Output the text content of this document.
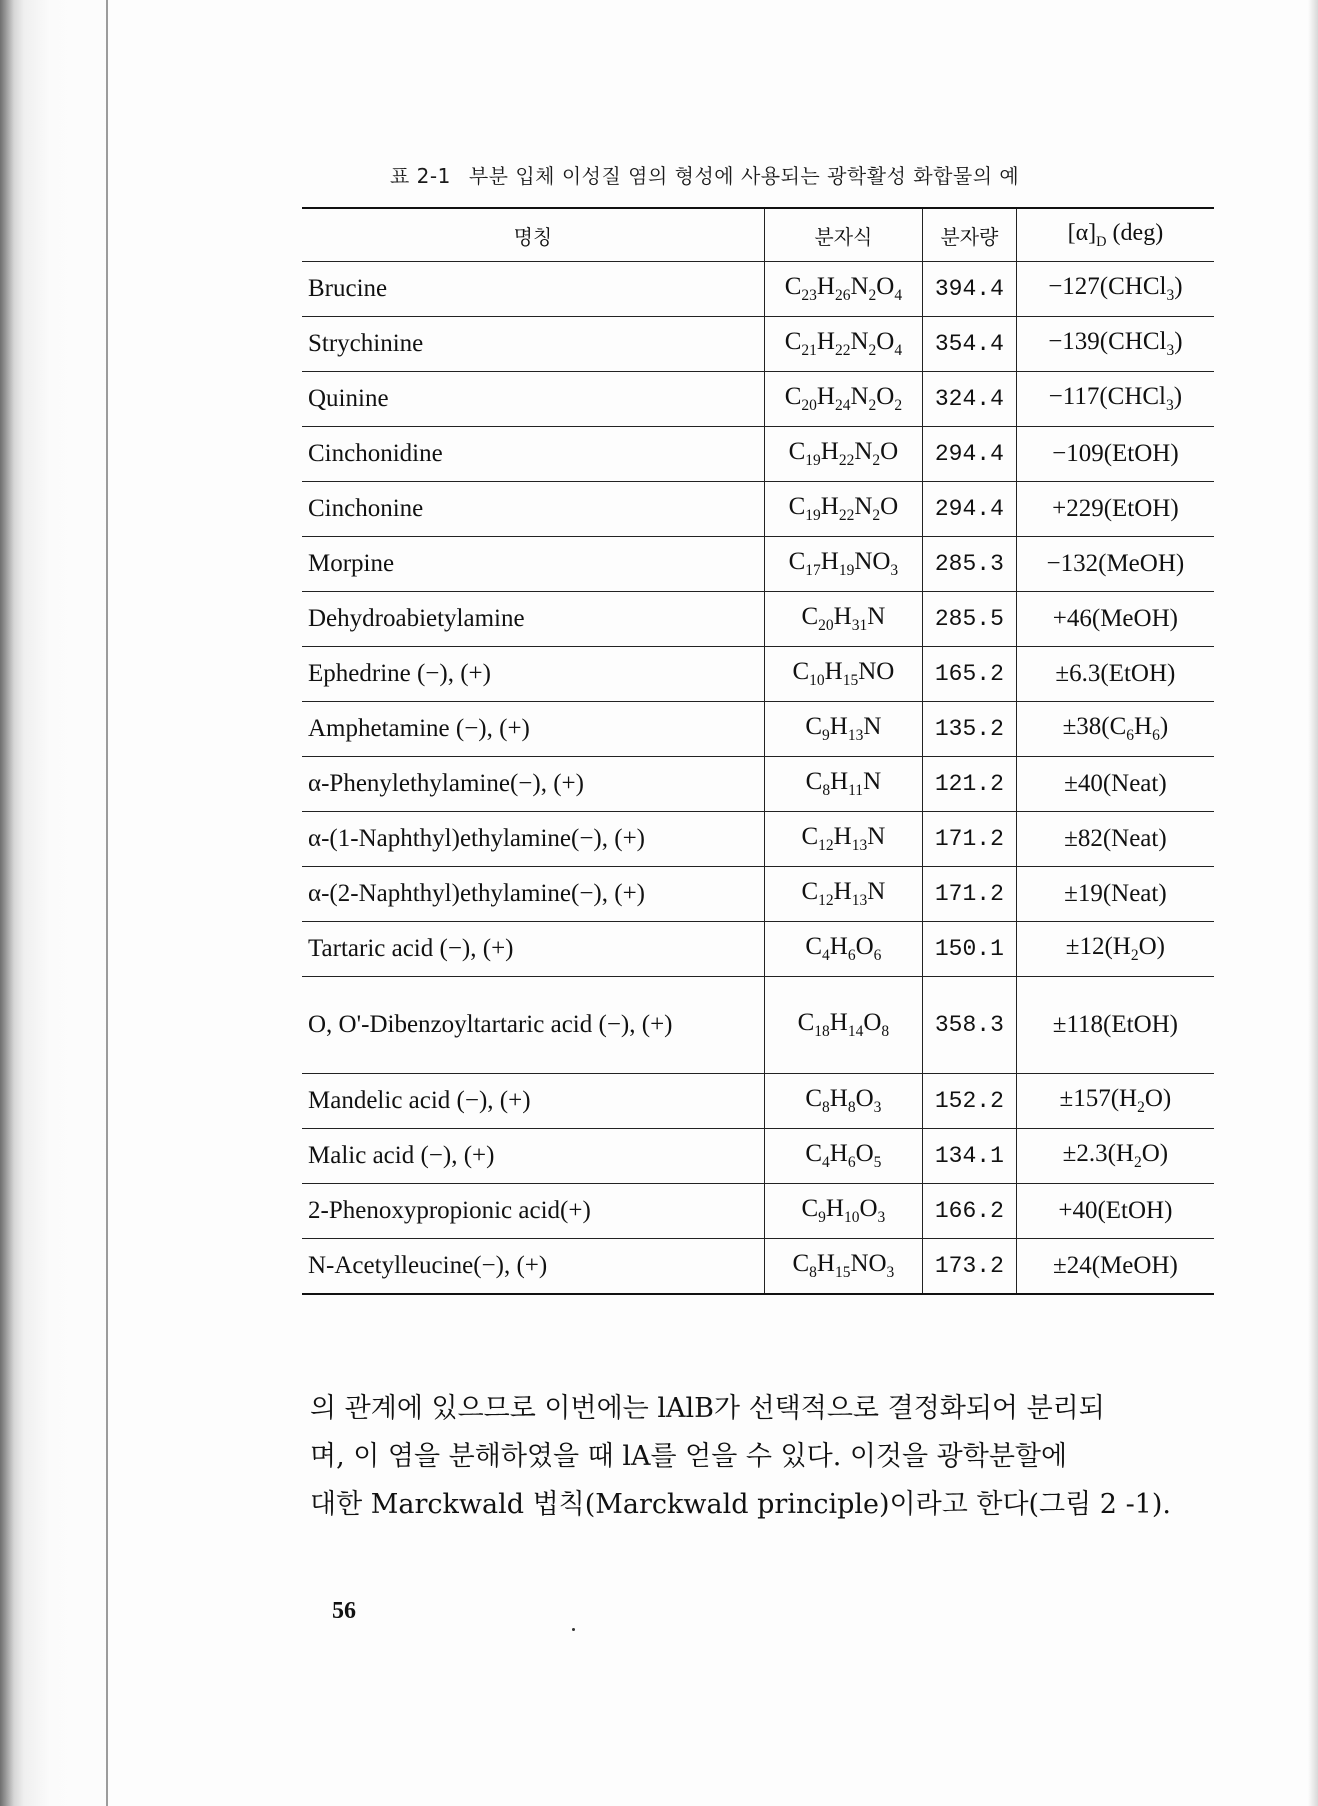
표 2-1 부분 입체 이성질 염의 형성에 사용되는 광학활성 화합물의 예
명칭	분자식	분자량	$[\alpha]_D$ (deg)
Brucine	$C_{23}H_{26}N_2O_4$	394.4	−127(CHCl$_3$)
Strychinine	$C_{21}H_{22}N_2O_4$	354.4	−139(CHCl$_3$)
Quinine	$C_{20}H_{24}N_2O_2$	324.4	−117(CHCl$_3$)
Cinchonidine	$C_{19}H_{22}N_2O$	294.4	−109(EtOH)
Cinchonine	$C_{19}H_{22}N_2O$	294.4	+229(EtOH)
Morpine	$C_{17}H_{19}NO_3$	285.3	−132(MeOH)
Dehydroabietylamine	$C_{20}H_{31}N$	285.5	+46(MeOH)
Ephedrine (−), (+)	$C_{10}H_{15}NO$	165.2	±6.3(EtOH)
Amphetamine (−), (+)	$C_9H_{13}N$	135.2	$\pm 38(C_6H_6)$
α-Phenylethylamine(−), (+)	$C_8H_{11}N$	121.2	±40(Neat)
α-(1-Naphthyl)ethylamine(−), (+)	$C_{12}H_{13}N$	171.2	±82(Neat)
α-(2-Naphthyl)ethylamine(−), (+)	$C_{12}H_{13}N$	171.2	±19(Neat)
Tartaric acid (−), (+)	$C_4H_6O_6$	150.1	$\pm 12(H_2O)$
O, O'-Dibenzoyltartaric acid (−), (+)	$C_{18}H_{14}O_8$	358.3	±118(EtOH)
Mandelic acid (−), (+)	$C_8H_8O_3$	152.2	$\pm 157(H_2O)$
Malic acid (−), (+)	$C_4H_6O_5$	134.1	$\pm 2.3(H_2O)$
2-Phenoxypropionic acid(+)	$C_9H_{10}O_3$	166.2	+40(EtOH)
N-Acetylleucine(−), (+)	$C_8H_{15}NO_3$	173.2	±24(MeOH)

의 관계에 있으므로 이번에는 lAlB가 선택적으로 결정화되어 분리되

며, 이 염을 분해하였을 때 lA를 얻을 수 있다. 이것을 광학분할에

대한 Marckwald 법칙(Marckwald principle)이라고 한다(그림 2 -1).

56
